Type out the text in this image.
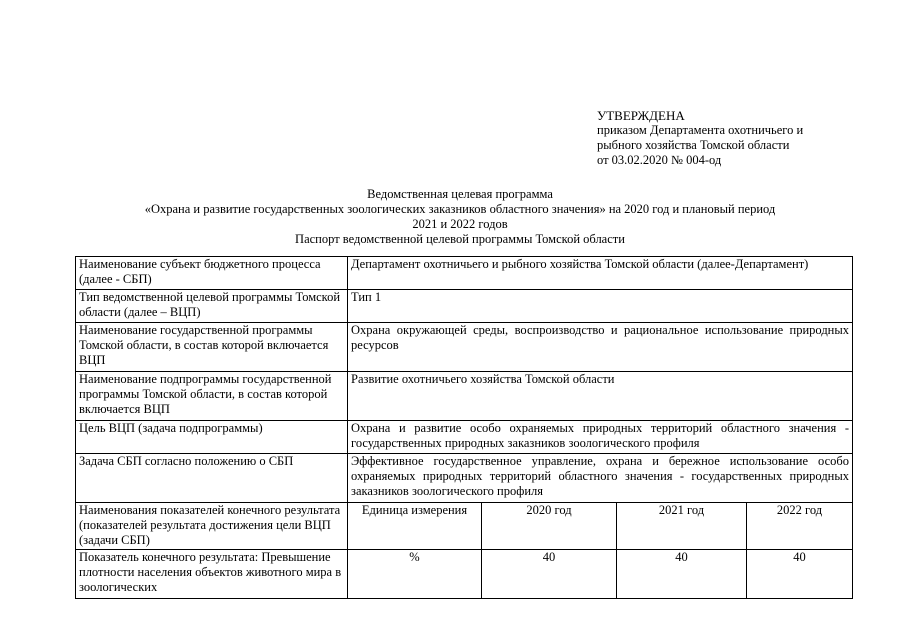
УТВЕРЖДЕНА
приказом Департамента охотничьего и
рыбного хозяйства Томской области
от 03.02.2020 № 004-од
Ведомственная целевая программа
«Охрана и развитие государственных зоологических заказников областного значения» на 2020 год и плановый период
2021 и 2022 годов
Паспорт ведомственной целевой программы Томской области
Наименование субъект бюджетного процесса (далее - СБП)	Департамент охотничьего и рыбного хозяйства Томской области (далее-Департамент)			
Тип ведомственной целевой программы Томской области (далее – ВЦП)	Тип 1			
Наименование государственной программы Томской области, в состав которой включается ВЦП	Охрана окружающей среды, воспроизводство и рациональное использование природных ресурсов			
Наименование подпрограммы государственной программы Томской области, в состав которой включается ВЦП	Развитие охотничьего хозяйства Томской области			
Цель ВЦП (задача подпрограммы)	Охрана и развитие особо охраняемых природных территорий областного значения - государственных природных заказников зоологического профиля			
Задача СБП согласно положению о СБП	Эффективное государственное управление, охрана и бережное использование особо охраняемых природных территорий областного значения - государственных природных заказников зоологического профиля			
Наименования показателей конечного результата (показателей результата достижения цели ВЦП (задачи СБП)	Единица измерения	2020 год	2021 год	2022 год
Показатель конечного результата: Превышение плотности населения объектов животного мира в зоологических	%	40	40	40
